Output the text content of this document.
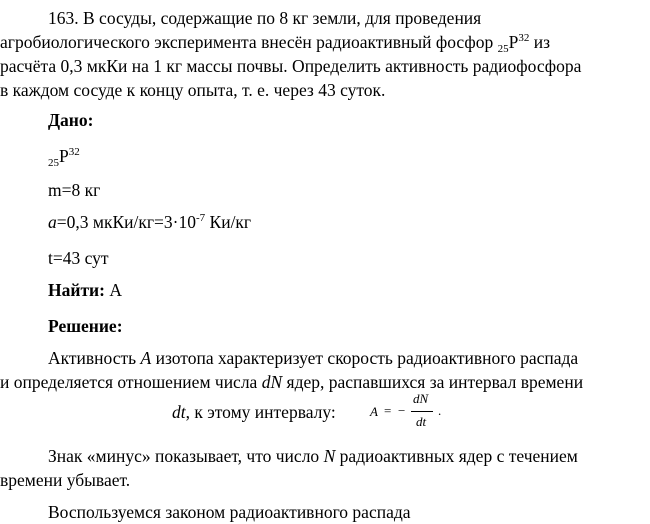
163. В сосуды, содержащие по 8 кг земли, для проведения
агробиологического эксперимента внесён радиоактивный фосфор $_{25}P^{32}$ из
расчёта 0,3 мкКи на 1 кг массы почвы. Определить активность радиофосфора
в каждом сосуде к концу опыта, т. е. через 43 суток.
Дано:
$_{25}P^{32}$
m=8 кг
a=0,3 мкКи/$кг=3\cdot 10^{-7}$ Ки/кг
t=43 сут
Найти: A
Решение:
Активность A изотопа характеризует скорость радиоактивного распада
и определяется отношением числа dN ядер, распавшихся за интервал времени
dt, к этому интервалу:	A = −
dN
dt
.
Знак «минус» показывает, что число N радиоактивных ядер с течением
времени убывает.
Воспользуемся законом радиоактивного распада
